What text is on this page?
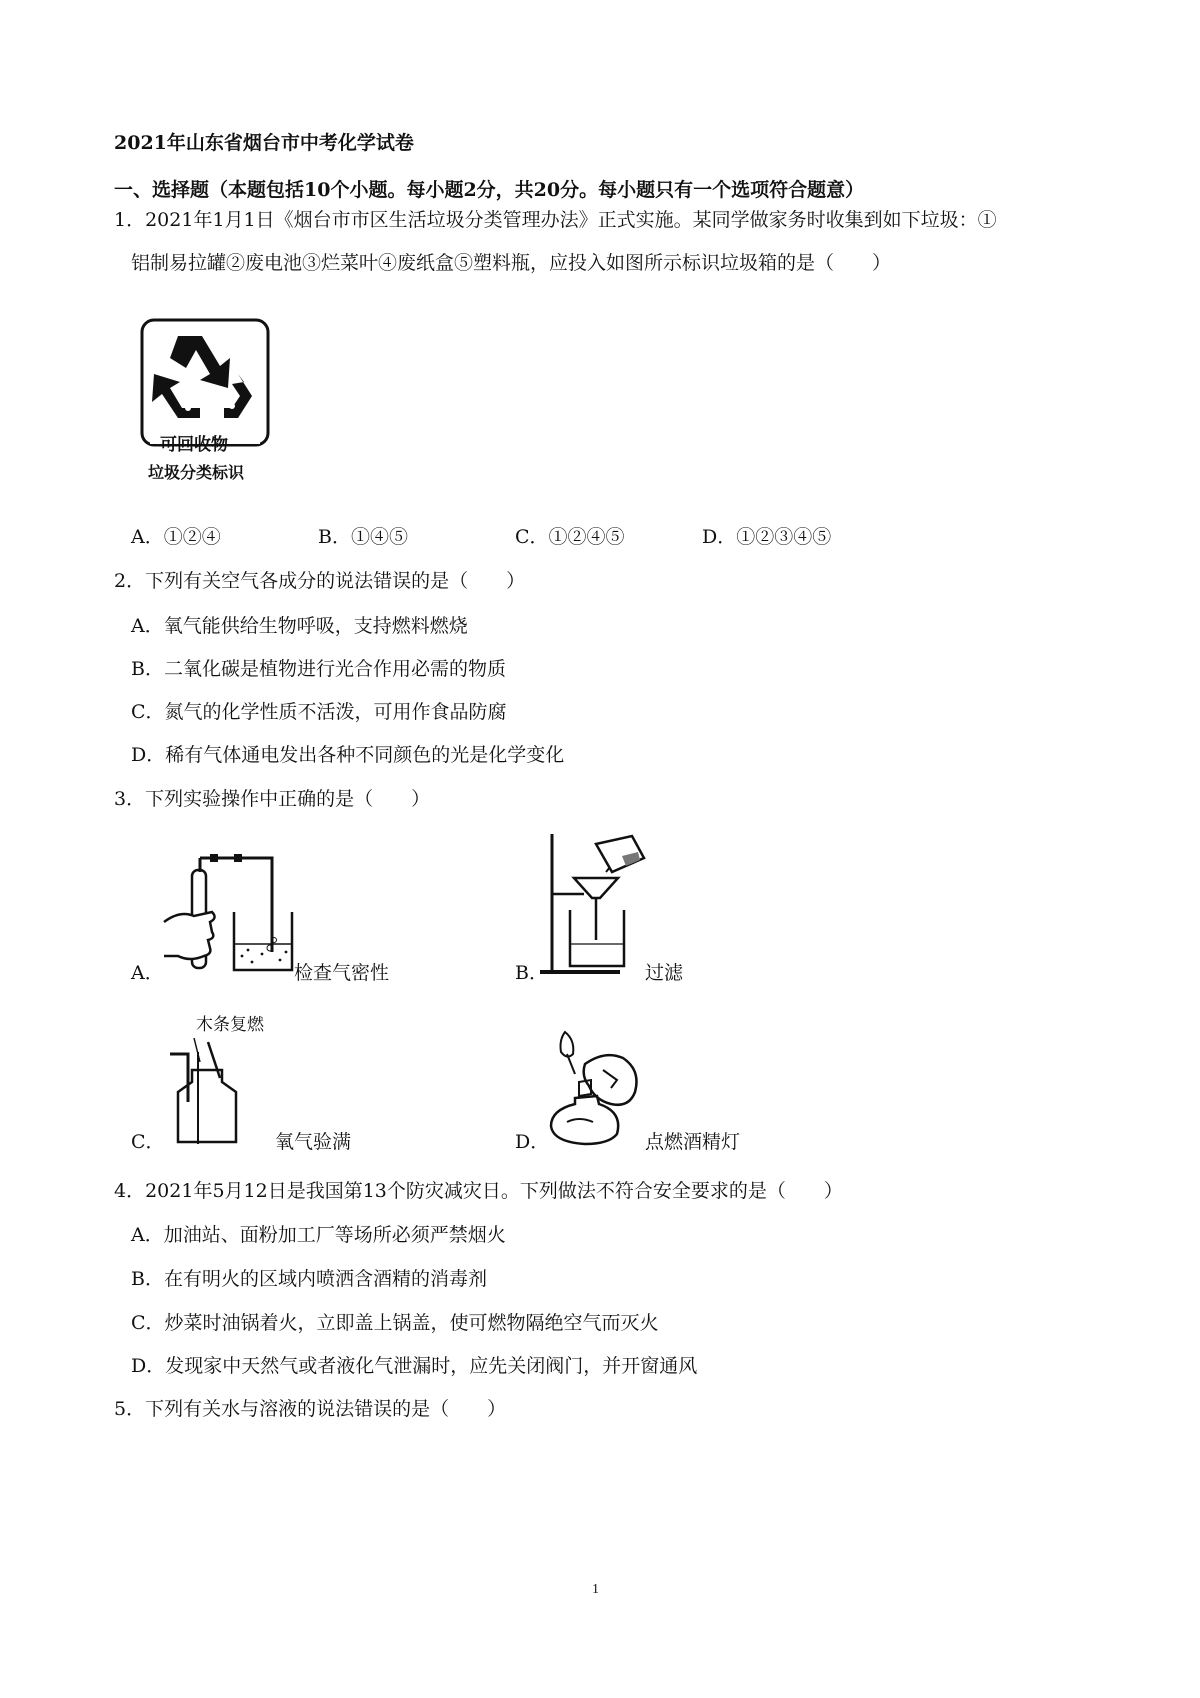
2021年山东省烟台市中考化学试卷
一、选择题（本题包括10个小题。每小题2分，共20分。每小题只有一个选项符合题意）
1．2021年1月1日《烟台市市区生活垃圾分类管理办法》正式实施。某同学做家务时收集到如下垃圾：①
铝制易拉罐②废电池③烂菜叶④废纸盒⑤塑料瓶，应投入如图所示标识垃圾箱的是（　　）
可回收物
垃圾分类标识
A．①②④	B．①④⑤	C．①②④⑤	D．①②③④⑤
2．下列有关空气各成分的说法错误的是（　　）
A．氧气能供给生物呼吸，支持燃料燃烧
B．二氧化碳是植物进行光合作用必需的物质
C．氮气的化学性质不活泼，可用作食品防腐
D．稀有气体通电发出各种不同颜色的光是化学变化
3．下列实验操作中正确的是（　　）
A．	检查气密性	B．	过滤
木条复燃
C．	氧气验满	D．	点燃酒精灯
4．2021年5月12日是我国第13个防灾减灾日。下列做法不符合安全要求的是（　　）
A．加油站、面粉加工厂等场所必须严禁烟火
B．在有明火的区域内喷洒含酒精的消毒剂
C．炒菜时油锅着火，立即盖上锅盖，使可燃物隔绝空气而灭火
D．发现家中天然气或者液化气泄漏时，应先关闭阀门，并开窗通风
5．下列有关水与溶液的说法错误的是（　　）
1
